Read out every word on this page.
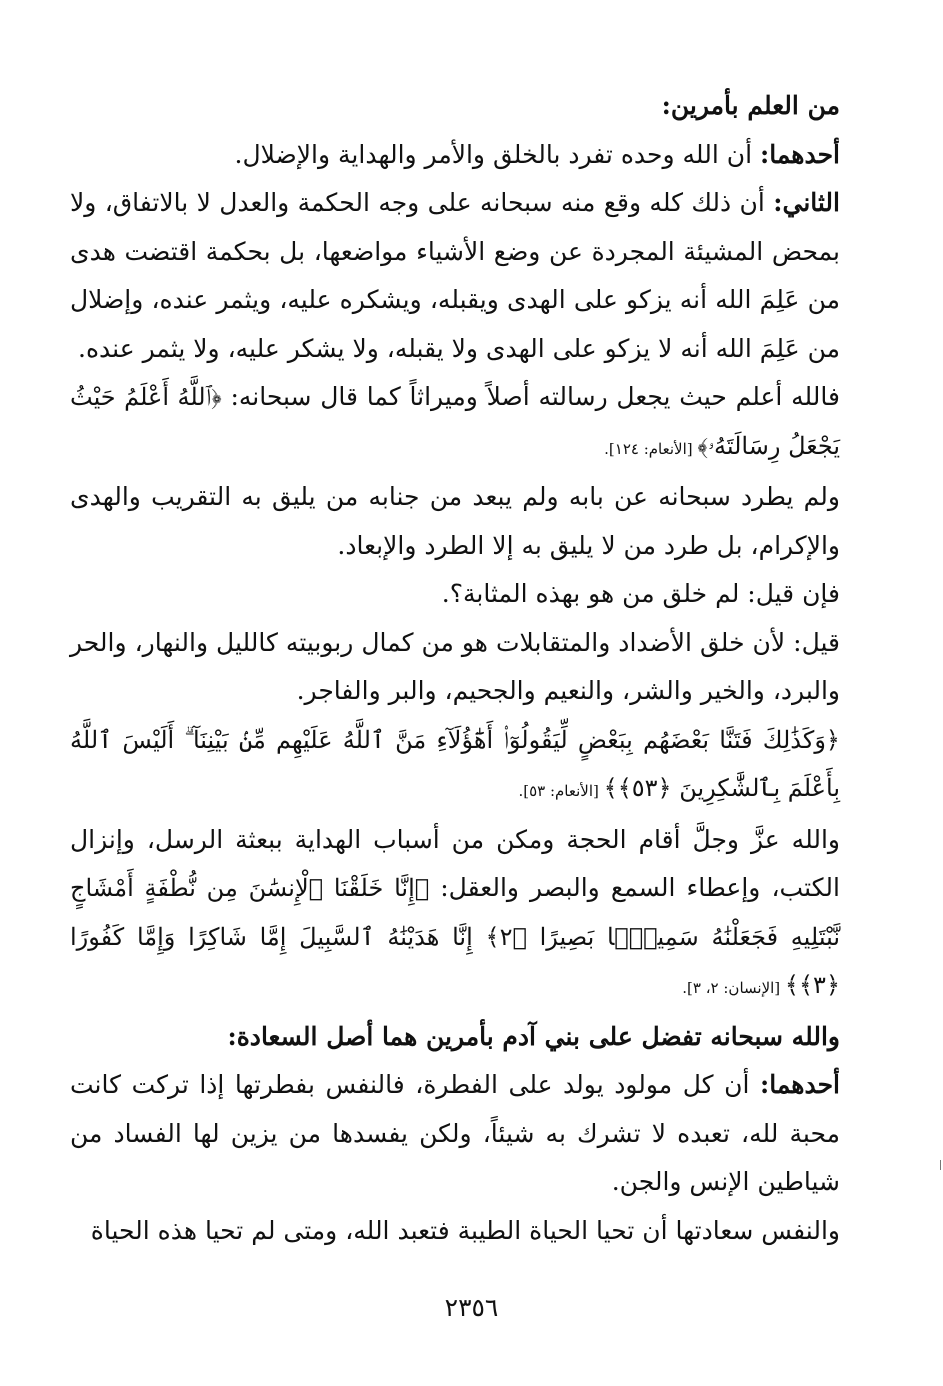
من العلم بأمرين:

أحدهما: أن الله وحده تفرد بالخلق والأمر والهداية والإضلال.

الثاني: أن ذلك كله وقع منه سبحانه على وجه الحكمة والعدل لا بالاتفاق، ولا بمحض المشيئة المجردة عن وضع الأشياء مواضعها، بل بحكمة اقتضت هدى من عَلِمَ الله أنه يزكو على الهدى ويقبله، ويشكره عليه، ويثمر عنده، وإضلال من عَلِمَ الله أنه لا يزكو على الهدى ولا يقبله، ولا يشكر عليه، ولا يثمر عنده.

فالله أعلم حيث يجعل رسالته أصلاً وميراثاً كما قال سبحانه: ﴿ٱللَّهُ أَعْلَمُ حَيْثُ يَجْعَلُ رِسَالَتَهُۥ﴾ [الأنعام: ١٢٤].

ولم يطرد سبحانه عن بابه ولم يبعد من جنابه من يليق به التقريب والهدى والإكرام، بل طرد من لا يليق به إلا الطرد والإبعاد.

فإن قيل: لم خلق من هو بهذه المثابة؟.

قيل: لأن خلق الأضداد والمتقابلات هو من كمال ربوبيته كالليل والنهار، والحر والبرد، والخير والشر، والنعيم والجحيم، والبر والفاجر.

﴿وَكَذَٰلِكَ فَتَنَّا بَعْضَهُم بِبَعْضٍ لِّيَقُولُوٓا۟ أَهَٰٓؤُلَآءِ مَنَّ ٱللَّهُ عَلَيْهِم مِّنۢ بَيْنِنَآ ۗ أَلَيْسَ ٱللَّهُ بِأَعْلَمَ بِٱلشَّٰكِرِينَ ﴿٥٣﴾﴾ [الأنعام: ٥٣].

والله عزَّ وجلَّ أقام الحجة ومكن من أسباب الهداية ببعثة الرسل، وإنزال الكتب، وإعطاء السمع والبصر والعقل: ﴿إِنَّا خَلَقْنَا ٱلْإِنسَٰنَ مِن نُّطْفَةٍ أَمْشَاجٍ نَّبْتَلِيهِ فَجَعَلْنَٰهُ سَمِيعًۢا بَصِيرًا ﴿٢﴾ إِنَّا هَدَيْنَٰهُ ٱلسَّبِيلَ إِمَّا شَاكِرًا وَإِمَّا كَفُورًا ﴿٣﴾﴾ [الإنسان: ٢، ٣].

والله سبحانه تفضل على بني آدم بأمرين هما أصل السعادة:

أحدهما: أن كل مولود يولد على الفطرة، فالنفس بفطرتها إذا تركت كانت محبة لله، تعبده لا تشرك به شيئاً، ولكن يفسدها من يزين لها الفساد من شياطين الإنس والجن.

والنفس سعادتها أن تحيا الحياة الطيبة فتعبد الله، ومتى لم تحيا هذه الحياة

٢٣٥٦
